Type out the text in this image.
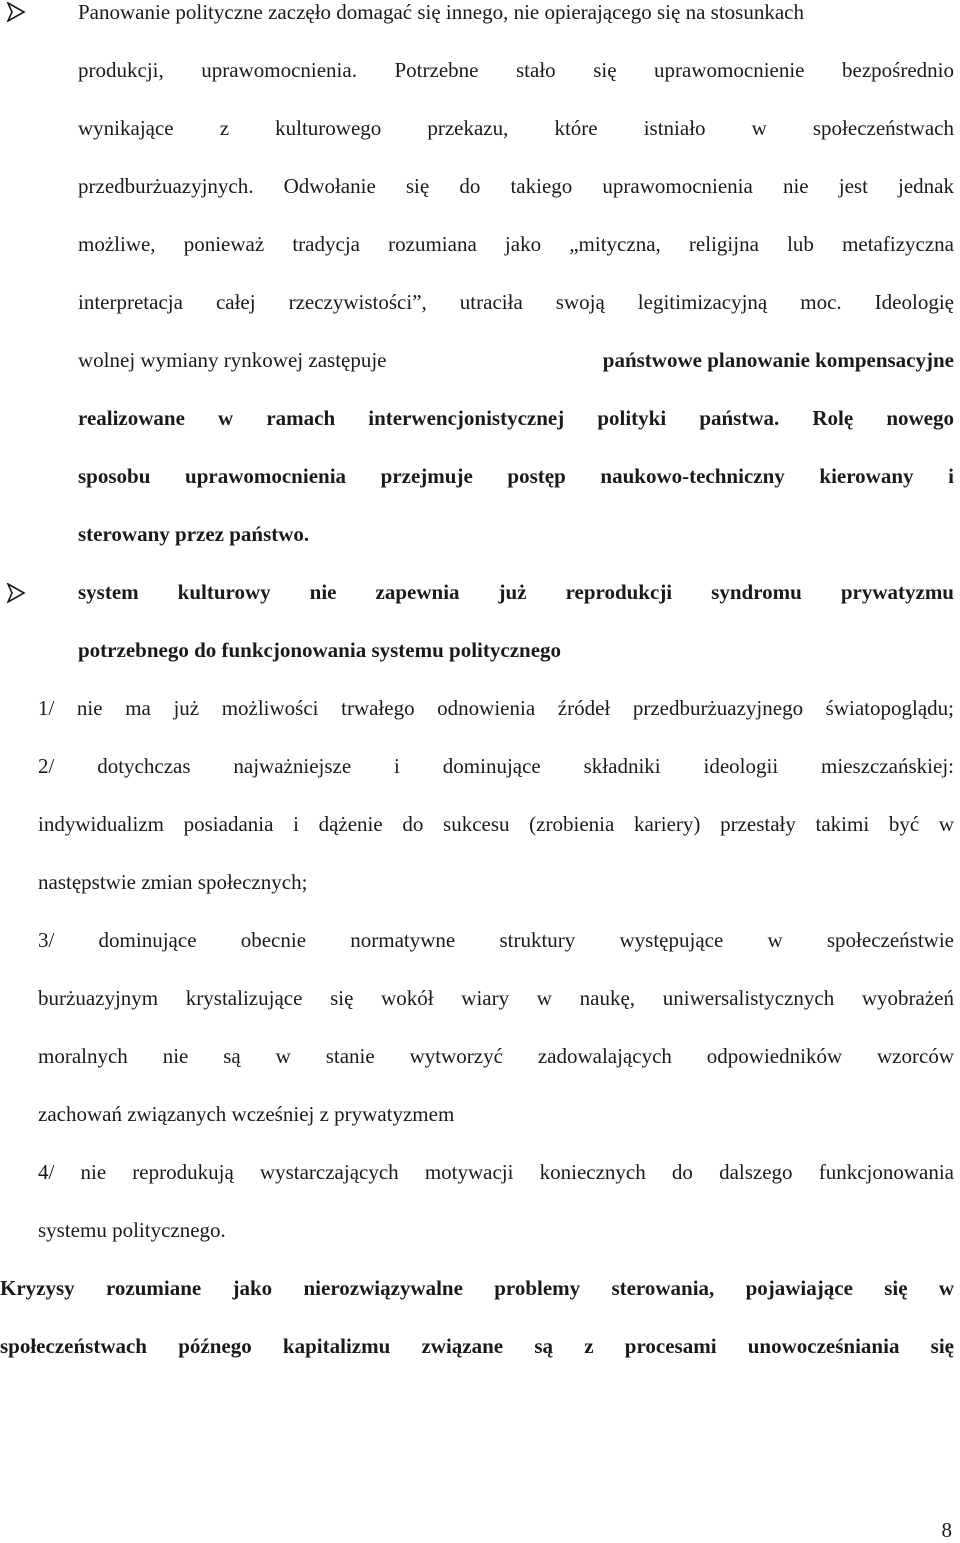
Panowanie polityczne zaczęło domagać się innego, nie opierającego się na stosunkach
produkcji, uprawomocnienia. Potrzebne stało się uprawomocnienie bezpośrednio
wynikające z kulturowego przekazu, które istniało w społeczeństwach
przedburżuazyjnych. Odwołanie się do takiego uprawomocnienia nie jest jednak
możliwe, ponieważ tradycja rozumiana jako „mityczna, religijna lub metafizyczna
interpretacja całej rzeczywistości”, utraciła swoją legitimizacyjną moc. Ideologię
wolnej wymiany rynkowej zastępuje	państwowe planowanie kompensacyjne
realizowane w ramach interwencjonistycznej polityki państwa. Rolę nowego
sposobu uprawomocnienia przejmuje postęp naukowo-techniczny kierowany i
sterowany przez państwo.
system kulturowy nie zapewnia już reprodukcji syndromu prywatyzmu
potrzebnego do funkcjonowania systemu politycznego
1/ nie ma już możliwości trwałego odnowienia źródeł przedburżuazyjnego światopoglądu;
2/ dotychczas najważniejsze i dominujące składniki ideologii mieszczańskiej:
indywidualizm posiadania i dążenie do sukcesu (zrobienia kariery) przestały takimi być w
następstwie zmian społecznych;
3/ dominujące obecnie normatywne struktury występujące w społeczeństwie
burżuazyjnym krystalizujące się wokół wiary w naukę, uniwersalistycznych wyobrażeń
moralnych nie są w stanie wytworzyć zadowalających odpowiedników wzorców
zachowań związanych wcześniej z prywatyzmem
4/ nie reprodukują wystarczających motywacji koniecznych do dalszego funkcjonowania
systemu politycznego.
Kryzysy rozumiane jako nierozwiązywalne problemy sterowania, pojawiające się w
społeczeństwach późnego kapitalizmu związane są z procesami unowocześniania się
8
